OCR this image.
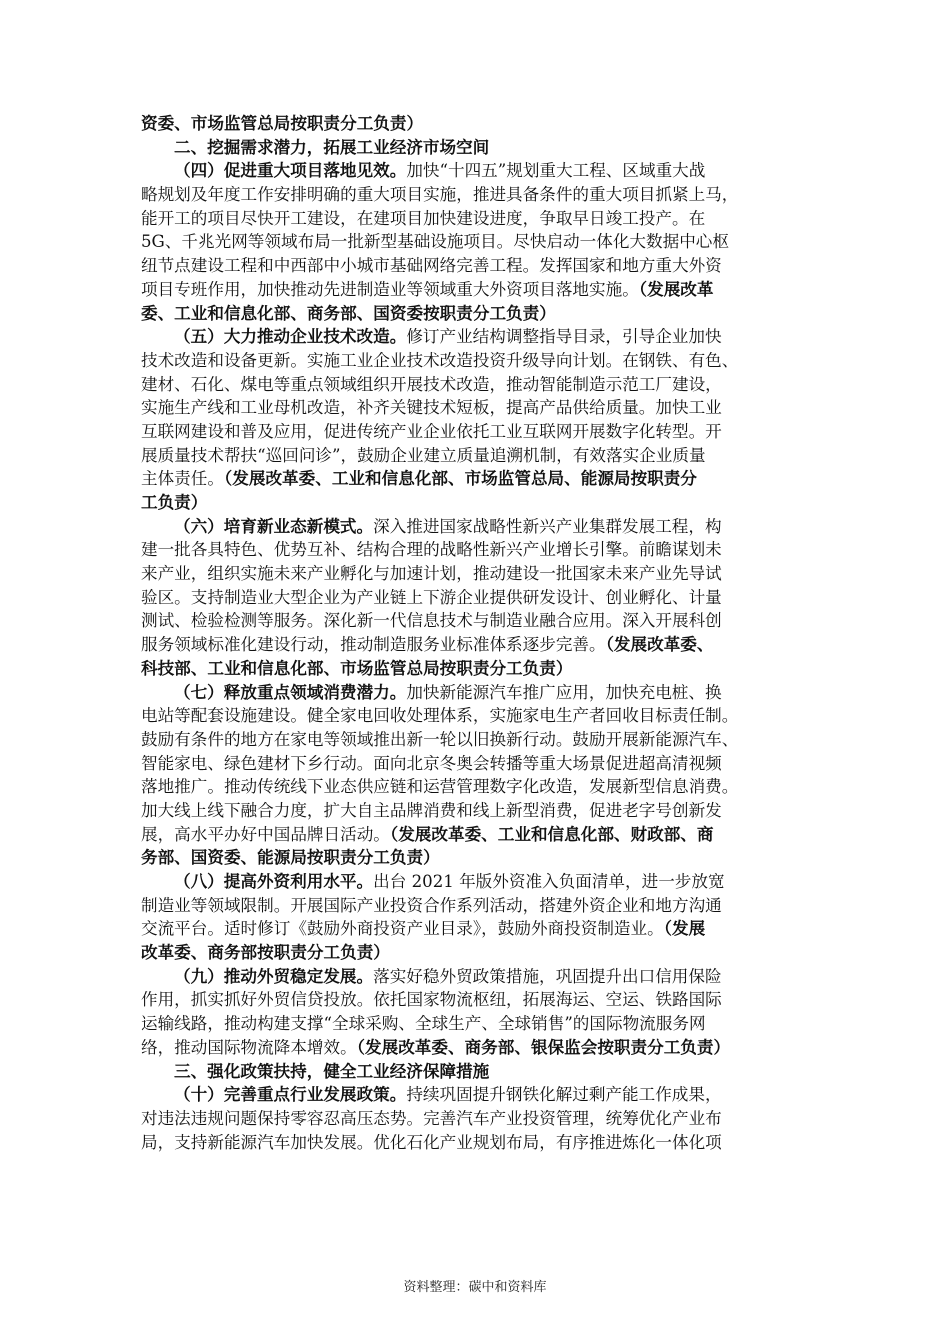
资委、市场监管总局按职责分工负责）
二、挖掘需求潜力，拓展工业经济市场空间
（四）促进重大项目落地见效。加快“十四五”规划重大工程、区域重大战
略规划及年度工作安排明确的重大项目实施，推进具备条件的重大项目抓紧上马，
能开工的项目尽快开工建设，在建项目加快建设进度，争取早日竣工投产。在
5G、千兆光网等领域布局一批新型基础设施项目。尽快启动一体化大数据中心枢
纽节点建设工程和中西部中小城市基础网络完善工程。发挥国家和地方重大外资
项目专班作用，加快推动先进制造业等领域重大外资项目落地实施。（发展改革
委、工业和信息化部、商务部、国资委按职责分工负责）
（五）大力推动企业技术改造。修订产业结构调整指导目录，引导企业加快
技术改造和设备更新。实施工业企业技术改造投资升级导向计划。在钢铁、有色、
建材、石化、煤电等重点领域组织开展技术改造，推动智能制造示范工厂建设，
实施生产线和工业母机改造，补齐关键技术短板，提高产品供给质量。加快工业
互联网建设和普及应用，促进传统产业企业依托工业互联网开展数字化转型。开
展质量技术帮扶“巡回问诊”，鼓励企业建立质量追溯机制，有效落实企业质量
主体责任。（发展改革委、工业和信息化部、市场监管总局、能源局按职责分
工负责）
（六）培育新业态新模式。深入推进国家战略性新兴产业集群发展工程，构
建一批各具特色、优势互补、结构合理的战略性新兴产业增长引擎。前瞻谋划未
来产业，组织实施未来产业孵化与加速计划，推动建设一批国家未来产业先导试
验区。支持制造业大型企业为产业链上下游企业提供研发设计、创业孵化、计量
测试、检验检测等服务。深化新一代信息技术与制造业融合应用。深入开展科创
服务领域标准化建设行动，推动制造服务业标准体系逐步完善。（发展改革委、
科技部、工业和信息化部、市场监管总局按职责分工负责）
（七）释放重点领域消费潜力。加快新能源汽车推广应用，加快充电桩、换
电站等配套设施建设。健全家电回收处理体系，实施家电生产者回收目标责任制。
鼓励有条件的地方在家电等领域推出新一轮以旧换新行动。鼓励开展新能源汽车、
智能家电、绿色建材下乡行动。面向北京冬奥会转播等重大场景促进超高清视频
落地推广。推动传统线下业态供应链和运营管理数字化改造，发展新型信息消费。
加大线上线下融合力度，扩大自主品牌消费和线上新型消费，促进老字号创新发
展，高水平办好中国品牌日活动。（发展改革委、工业和信息化部、财政部、商
务部、国资委、能源局按职责分工负责）
（八）提高外资利用水平。出台 2021 年版外资准入负面清单，进一步放宽
制造业等领域限制。开展国际产业投资合作系列活动，搭建外资企业和地方沟通
交流平台。适时修订《鼓励外商投资产业目录》，鼓励外商投资制造业。（发展
改革委、商务部按职责分工负责）
（九）推动外贸稳定发展。落实好稳外贸政策措施，巩固提升出口信用保险
作用，抓实抓好外贸信贷投放。依托国家物流枢纽，拓展海运、空运、铁路国际
运输线路，推动构建支撑“全球采购、全球生产、全球销售”的国际物流服务网
络，推动国际物流降本增效。（发展改革委、商务部、银保监会按职责分工负责）
三、强化政策扶持，健全工业经济保障措施
（十）完善重点行业发展政策。持续巩固提升钢铁化解过剩产能工作成果，
对违法违规问题保持零容忍高压态势。完善汽车产业投资管理，统筹优化产业布
局，支持新能源汽车加快发展。优化石化产业规划布局，有序推进炼化一体化项
资料整理：碳中和资料库
